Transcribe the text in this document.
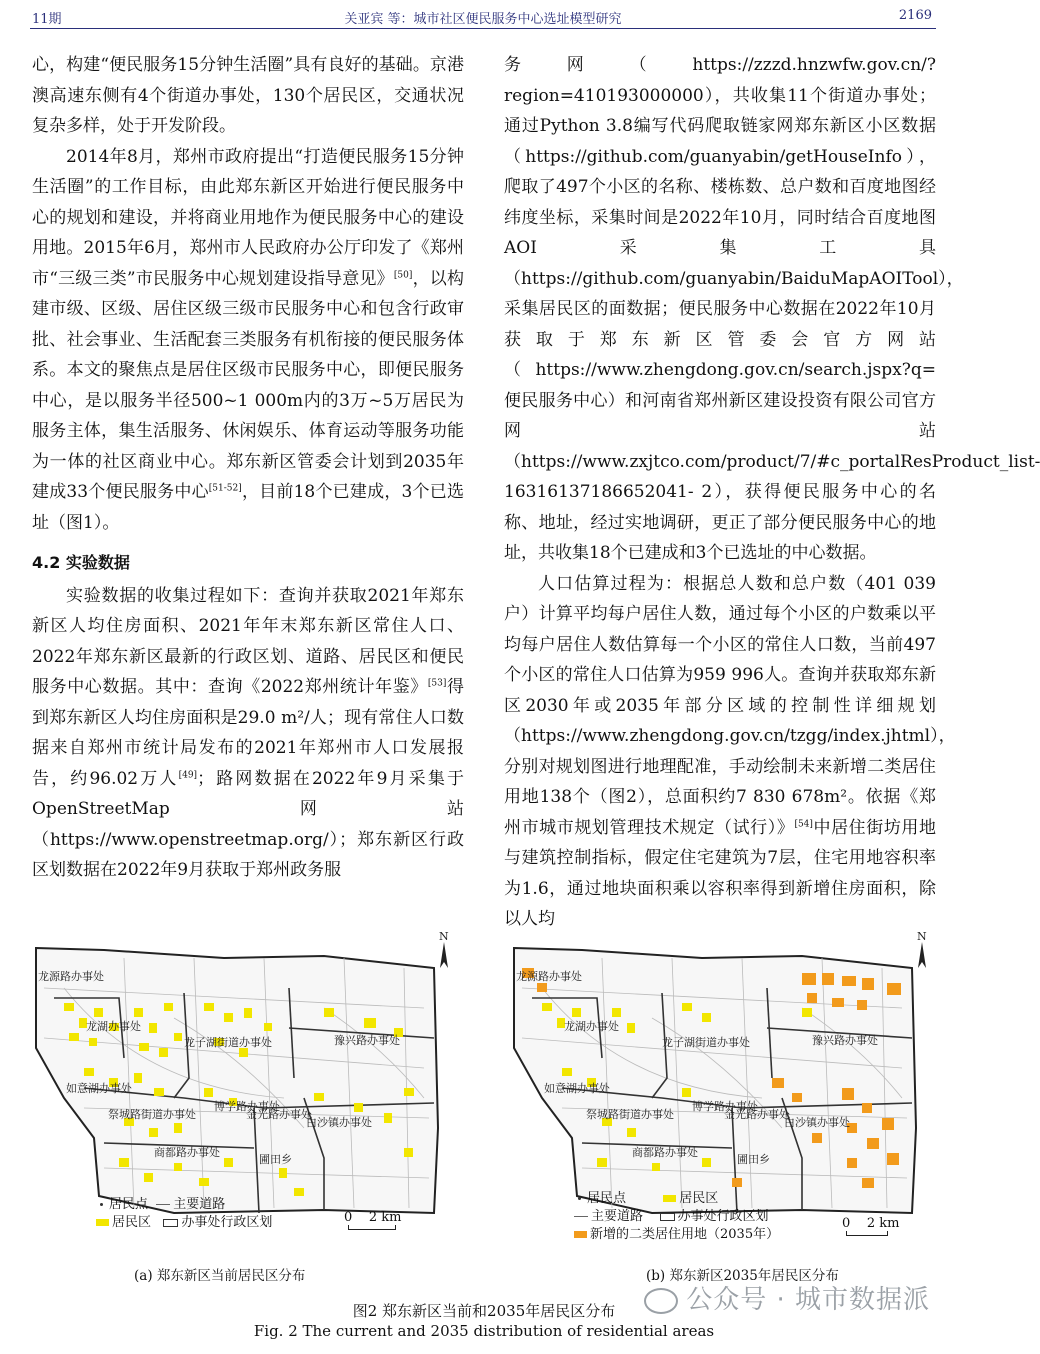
11期	关亚宾 等：城市社区便民服务中心选址模型研究	2169

心，构建“便民服务15分钟生活圈”具有良好的基础。京港澳高速东侧有4个街道办事处，130个居民区，交通状况复杂多样，处于开发阶段。

2014年8月，郑州市政府提出“打造便民服务15分钟生活圈”的工作目标，由此郑东新区开始进行便民服务中心的规划和建设，并将商业用地作为便民服务中心的建设用地。2015年6月，郑州市人民政府办公厅印发了《郑州市“三级三类”市民服务中心规划建设指导意见》[50]，以构建市级、区级、居住区级三级市民服务中心和包含行政审批、社会事业、生活配套三类服务有机衔接的便民服务体系。本文的聚焦点是居住区级市民服务中心，即便民服务中心，是以服务半径500~1 000m内的3万~5万居民为服务主体，集生活服务、休闲娱乐、体育运动等服务功能为一体的社区商业中心。郑东新区管委会计划到2035年建成33个便民服务中心[51-52]，目前18个已建成，3个已选址（图1）。

4.2 实验数据

实验数据的收集过程如下：查询并获取2021年郑东新区人均住房面积、2021年年末郑东新区常住人口、2022年郑东新区最新的行政区划、道路、居民区和便民服务中心数据。其中：查询《2022郑州统计年鉴》[53]得到郑东新区人均住房面积是29.0 m²/人；现有常住人口数据来自郑州市统计局发布的2021年郑州市人口发展报告，约96.02万人[49]；路网数据在2022年9月采集于OpenStreetMap网站（https://www.openstreetmap.org/）；郑东新区行政区划数据在2022年9月获取于郑州政务服

务网（https://zzzd.hnzwfw.gov.cn/?region=410193000000），共收集11个街道办事处；通过Python 3.8编写代码爬取链家网郑东新区小区数据（https://github.com/guanyabin/getHouseInfo），爬取了497个小区的名称、楼栋数、总户数和百度地图经纬度坐标，采集时间是2022年10月，同时结合百度地图AOI采集工具（https://github.com/guanyabin/BaiduMapAOITool），采集居民区的面数据；便民服务中心数据在2022年10月获取于郑东新区管委会官方网站（https://www.zhengdong.gov.cn/search.jspx?q=便民服务中心）和河南省郑州新区建设投资有限公司官方网站（https://www.zxjtco.com/product/7/#c_portalResProduct_list- 1631613718665204​1- 2），获得便民服务中心的名称、地址，经过实地调研，更正了部分便民服务中心的地址，共收集18个已建成和3个已选址的中心数据。

人口估算过程为：根据总人数和总户数（401 039户）计算平均每户居住人数，通过每个小区的户数乘以平均每户居住人数估算每一个小区的常住人口数，当前497个小区的常住人口估算为959 996人。查询并获取郑东新区2030年或2035年部分区域的控制性详细规划（https://www.zhengdong.gov.cn/tzgg/index.jhtml），分别对规划图进行地理配准，手动绘制未来新增二类居住用地138个（图2），总面积约7 830 678m²。依据《郑州市城市规划管理技术规定（试行）》[54]中居住街坊用地与建筑控制指标，假定住宅建筑为7层，住宅用地容积率为1.6，通过地块面积乘以容积率得到新增住房面积，除以人均

N
龙源路办事处
龙湖办事处
龙子湖街道办事处	豫兴路办事处
如意湖办事处
博学路办事处
祭城路街道办事处	金光路办事处
白沙镇办事处
商都路办事处
圃田乡
居民点 主要道路
居民区 办事处行政区划	0 2 km
N
龙源路办事处
龙湖办事处
龙子湖街道办事处	豫兴路办事处
如意湖办事处
博学路办事处
祭城路街道办事处	金光路办事处
白沙镇办事处
商都路办事处
圃田乡
居民点	居民区
主要道路	办事处行政区划
新增的二类居住用地（2035年）
0 2 km
(a) 郑东新区当前居民区分布	(b) 郑东新区2035年居民区分布
图2 郑东新区当前和2035年居民区分布
Fig. 2 The current and 2035 distribution of residential areas
公众号 · 城市数据派
